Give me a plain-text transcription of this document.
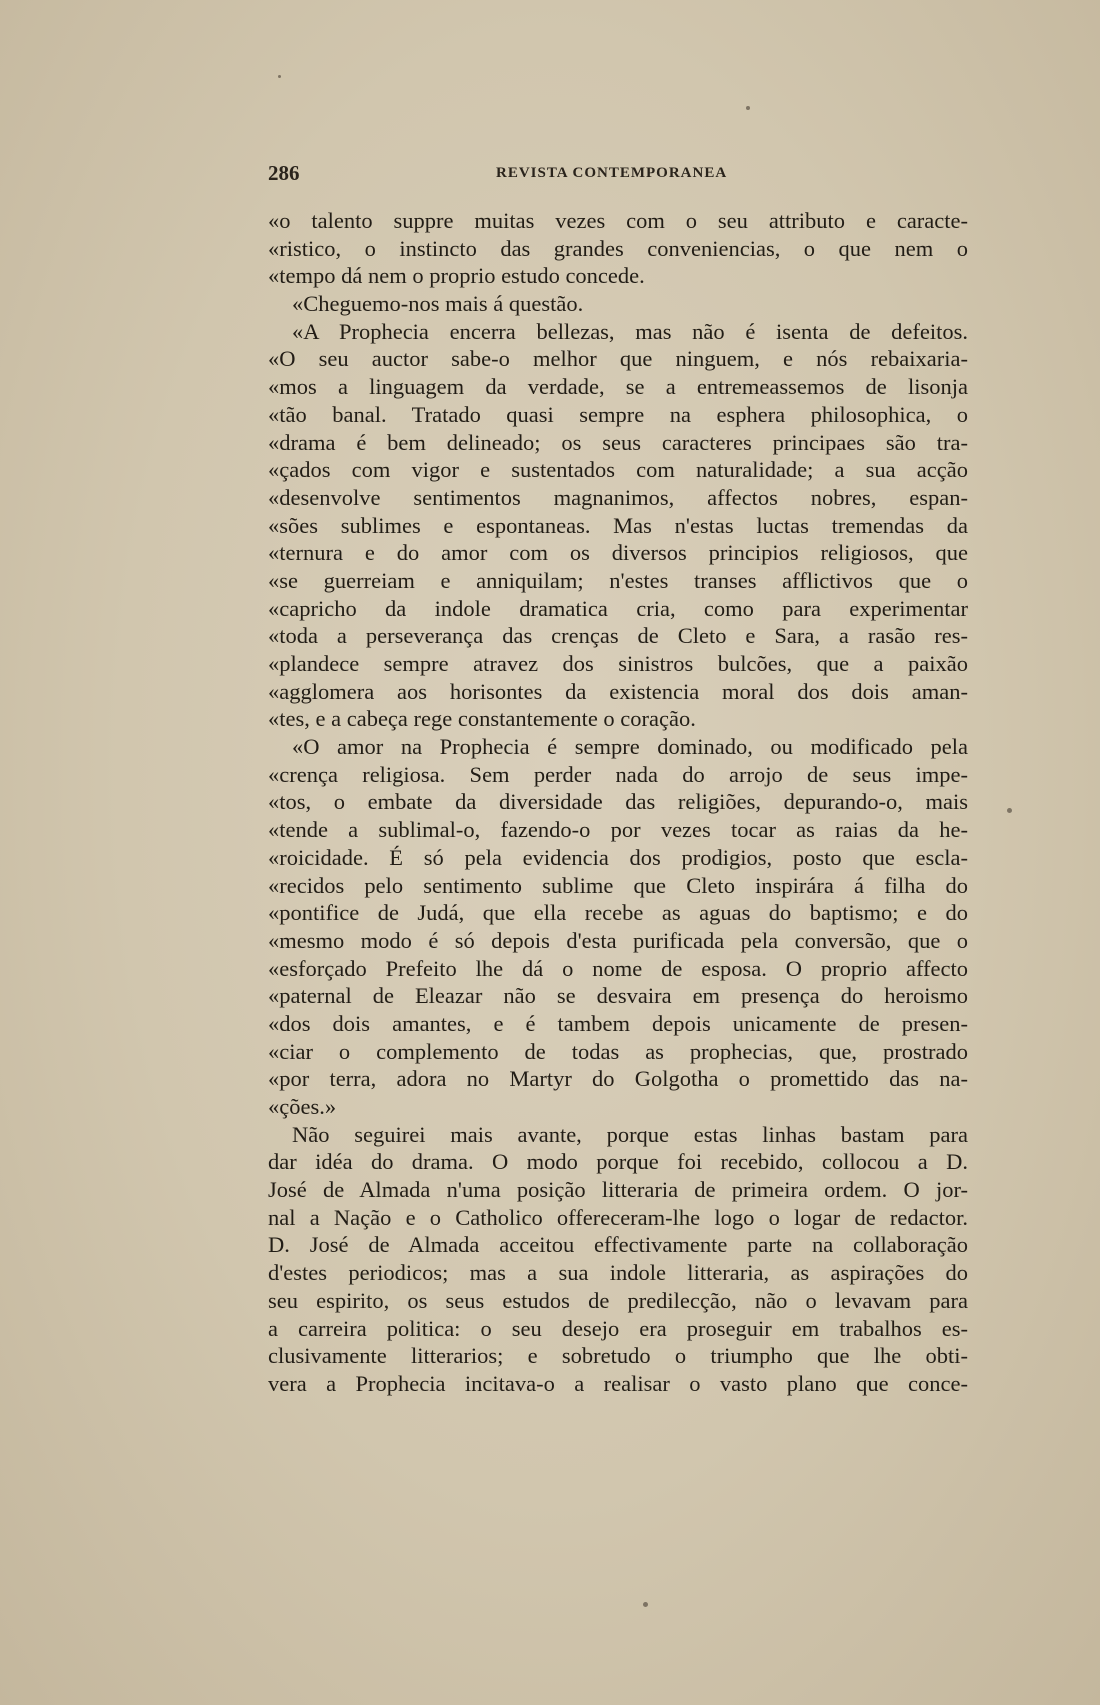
286	REVISTA CONTEMPORANEA
«o talento suppre muitas vezes com o seu attributo e caracte-
«ristico, o instincto das grandes conveniencias, o que nem o
«tempo dá nem o proprio estudo concede.
«Cheguemo-nos mais á questão.
«A Prophecia encerra bellezas, mas não é isenta de defeitos.
«O seu auctor sabe-o melhor que ninguem, e nós rebaixaria-
«mos a linguagem da verdade, se a entremeassemos de lisonja
«tão banal. Tratado quasi sempre na esphera philosophica, o
«drama é bem delineado; os seus caracteres principaes são tra-
«çados com vigor e sustentados com naturalidade; a sua acção
«desenvolve sentimentos magnanimos, affectos nobres, espan-
«sões sublimes e espontaneas. Mas n'estas luctas tremendas da
«ternura e do amor com os diversos principios religiosos, que
«se guerreiam e anniquilam; n'estes transes afflictivos que o
«capricho da indole dramatica cria, como para experimentar
«toda a perseverança das crenças de Cleto e Sara, a rasão res-
«plandece sempre atravez dos sinistros bulcões, que a paixão
«agglomera aos horisontes da existencia moral dos dois aman-
«tes, e a cabeça rege constantemente o coração.
«O amor na Prophecia é sempre dominado, ou modificado pela
«crença religiosa. Sem perder nada do arrojo de seus impe-
«tos, o embate da diversidade das religiões, depurando-o, mais
«tende a sublimal-o, fazendo-o por vezes tocar as raias da he-
«roicidade. É só pela evidencia dos prodigios, posto que escla-
«recidos pelo sentimento sublime que Cleto inspirára á filha do
«pontifice de Judá, que ella recebe as aguas do baptismo; e do
«mesmo modo é só depois d'esta purificada pela conversão, que o
«esforçado Prefeito lhe dá o nome de esposa. O proprio affecto
«paternal de Eleazar não se desvaira em presença do heroismo
«dos dois amantes, e é tambem depois unicamente de presen-
«ciar o complemento de todas as prophecias, que, prostrado
«por terra, adora no Martyr do Golgotha o promettido das na-
«ções.»
Não seguirei mais avante, porque estas linhas bastam para
dar idéa do drama. O modo porque foi recebido, collocou a D.
José de Almada n'uma posição litteraria de primeira ordem. O jor-
nal a Nação e o Catholico offereceram-lhe logo o logar de redactor.
D. José de Almada acceitou effectivamente parte na collaboração
d'estes periodicos; mas a sua indole litteraria, as aspirações do
seu espirito, os seus estudos de predilecção, não o levavam para
a carreira politica: o seu desejo era proseguir em trabalhos es-
clusivamente litterarios; e sobretudo o triumpho que lhe obti-
vera a Prophecia incitava-o a realisar o vasto plano que conce-
